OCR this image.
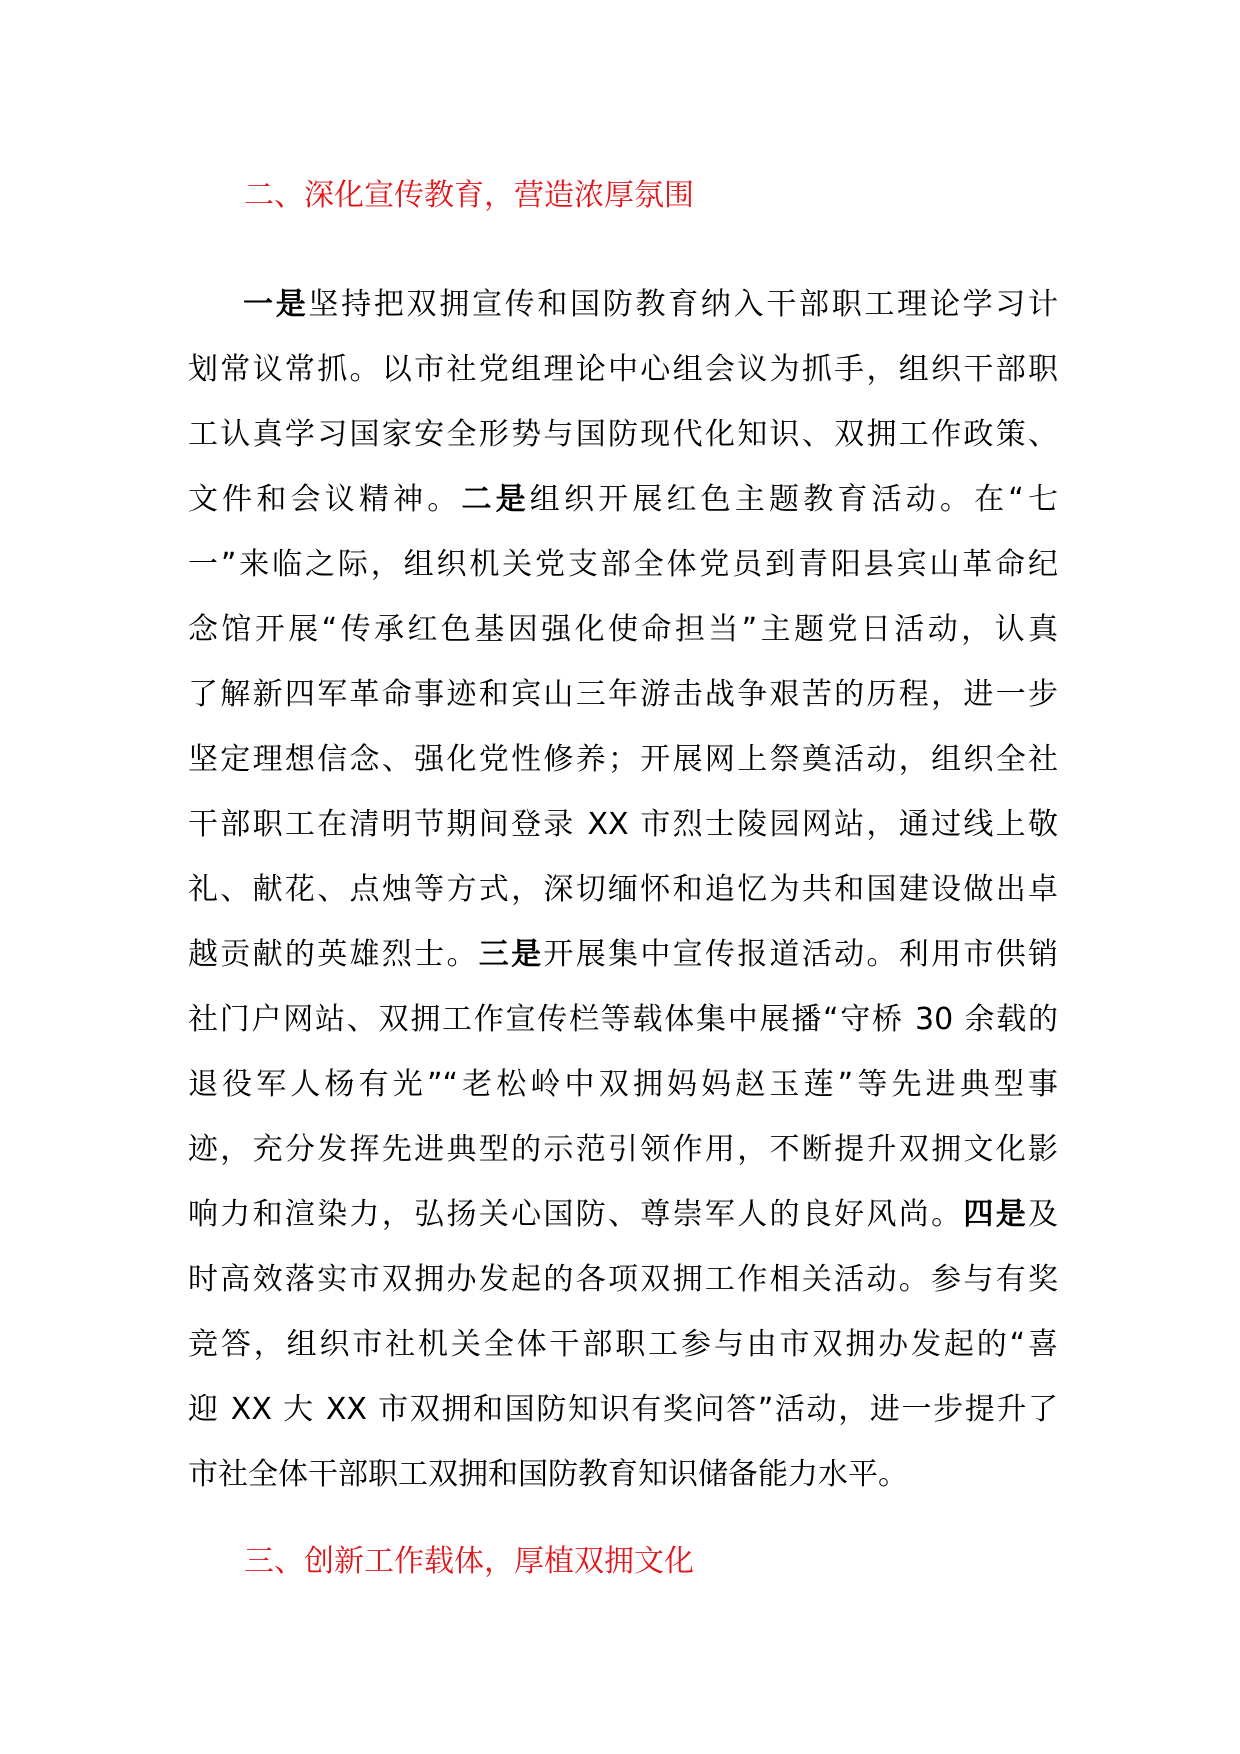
二、深化宣传教育，营造浓厚氛围
一是坚持把双拥宣传和国防教育纳入干部职工理论学习计
划常议常抓。以市社党组理论中心组会议为抓手，组织干部职
工认真学习国家安全形势与国防现代化知识、双拥工作政策、
文件和会议精神。二是组织开展红色主题教育活动。在“七
一”来临之际，组织机关党支部全体党员到青阳县宾山革命纪
念馆开展“传承红色基因强化使命担当”主题党日活动，认真
了解新四军革命事迹和宾山三年游击战争艰苦的历程，进一步
坚定理想信念、强化党性修养；开展网上祭奠活动，组织全社
干部职工在清明节期间登录 XX 市烈士陵园网站，通过线上敬
礼、献花、点烛等方式，深切缅怀和追忆为共和国建设做出卓
越贡献的英雄烈士。三是开展集中宣传报道活动。利用市供销
社门户网站、双拥工作宣传栏等载体集中展播“守桥 30 余载的
退役军人杨有光”“老松岭中双拥妈妈赵玉莲”等先进典型事
迹，充分发挥先进典型的示范引领作用，不断提升双拥文化影
响力和渲染力，弘扬关心国防、尊崇军人的良好风尚。四是及
时高效落实市双拥办发起的各项双拥工作相关活动。参与有奖
竞答，组织市社机关全体干部职工参与由市双拥办发起的“喜
迎 XX 大 XX 市双拥和国防知识有奖问答”活动，进一步提升了
市社全体干部职工双拥和国防教育知识储备能力水平。
三、创新工作载体，厚植双拥文化
